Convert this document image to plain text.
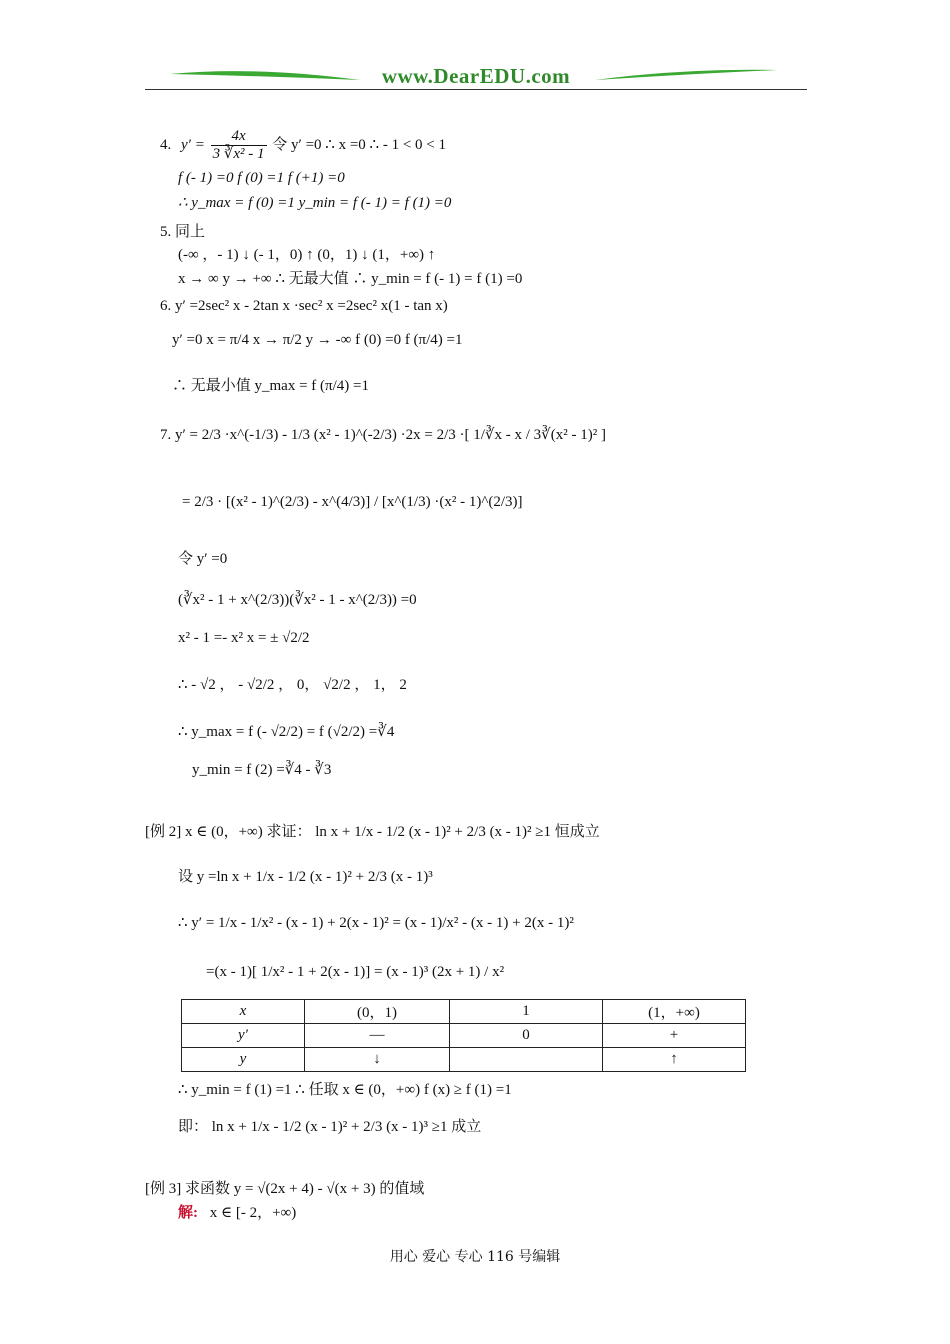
www.DearEDU.com
4. $y' = \frac{4x}{\text{3 ∛x² - 1}}$ 令 y′ =0 ∴ x =0 ∴ - 1 < 0 < 1
f (- 1) =0 f (0) =1 f (+1) =0
∴ y_max = f (0) =1 y_min = f (- 1) = f (1) =0
5. 同上
(-∞ ，- 1) ↓ (- 1，0) ↑ (0，1) ↓ (1，+∞) ↑
x → ∞ y → +∞ ∴ 无最大值 ∴ y_min = f (- 1) = f (1) =0
6. y′ =2sec² x - 2tan x ·sec² x =2sec² x(1 - tan x)
y′ =0 x = π/4 x → π/2 y → -∞ f (0) =0 f (π/4) =1
∴ 无最小值 y_max = f (π/4) =1
7. y′ = 2/3 ·x^(-1/3) - 1/3 (x² - 1)^(-2/3) ·2x = 2/3 ·[ 1/∛x - x / 3∛(x² - 1)² ]
= 2/3 · [(x² - 1)^(2/3) - x^(4/3)] / [x^(1/3) ·(x² - 1)^(2/3)]
令 y′ =0
(∛x² - 1 + x^(2/3))(∛x² - 1 - x^(2/3)) =0
x² - 1 =- x² x = ± √2/2
∴ - √2 ， - √2/2 ， 0， √2/2 ， 1， 2
∴ y_max = f (- √2/2) = f (√2/2) =∛4
y_min = f (2) =∛4 - ∛3
[例 2] x ∈ (0，+∞) 求证： ln x + 1/x - 1/2 (x - 1)² + 2/3 (x - 1)² ≥1 恒成立
设 y =ln x + 1/x - 1/2 (x - 1)² + 2/3 (x - 1)³
∴ y′ = 1/x - 1/x² - (x - 1) + 2(x - 1)² = (x - 1)/x² - (x - 1) + 2(x - 1)²
=(x - 1)[ 1/x² - 1 + 2(x - 1)] = (x - 1)³ (2x + 1) / x²
x	(0，1)	1	(1，+∞)
y′	—	0	+
y	↓		↑
∴ y_min = f (1) =1 ∴ 任取 x ∈ (0，+∞) f (x) ≥ f (1) =1
即： ln x + 1/x - 1/2 (x - 1)² + 2/3 (x - 1)³ ≥1 成立
[例 3] 求函数 y = √(2x + 4) - √(x + 3) 的值域
解: x ∈ [- 2，+∞)
用心 爱心 专心 116 号编辑
